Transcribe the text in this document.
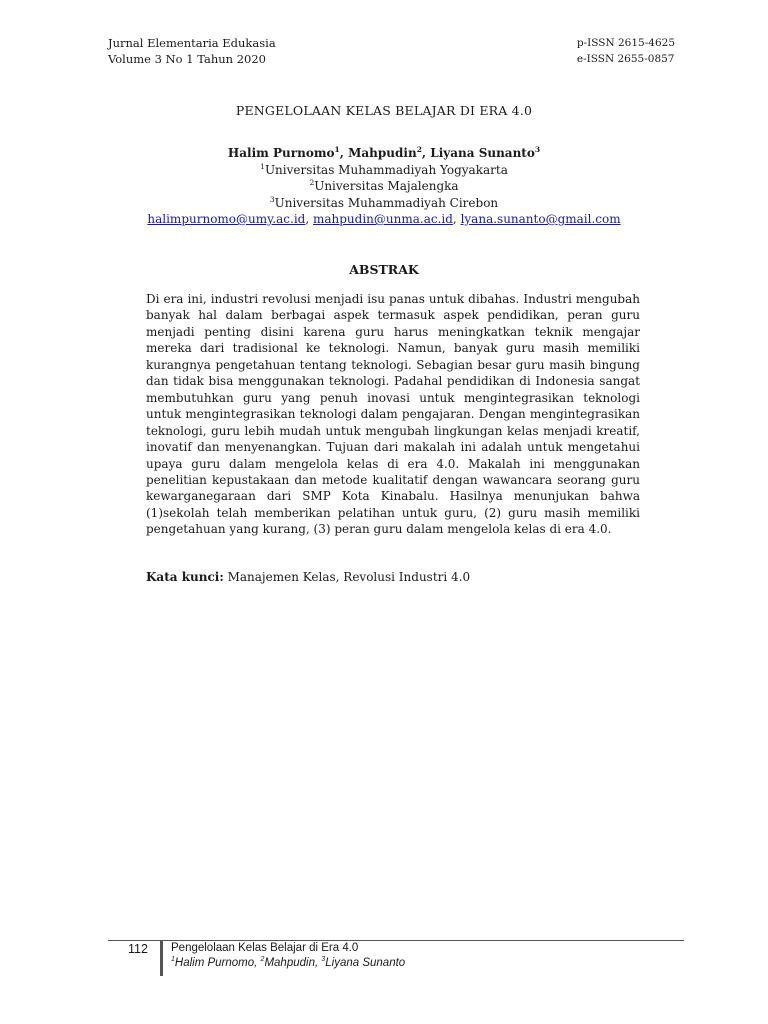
Jurnal Elementaria Edukasia
Volume 3 No 1 Tahun 2020
p-ISSN 2615-4625
e-ISSN 2655-0857
PENGELOLAAN KELAS BELAJAR DI ERA 4.0
Halim Purnomo$^1$, Mahpudin$^2$, Liyana Sunanto$^3$
$^1$Universitas Muhammadiyah Yogyakarta
$^2$Universitas Majalengka
$^3$Universitas Muhammadiyah Cirebon
halimpurnomo@umy.ac.id, mahpudin@unma.ac.id, lyana.sunanto@gmail.com
ABSTRAK

Di era ini, industri revolusi menjadi isu panas untuk dibahas. Industri mengubah banyak hal dalam berbagai aspek termasuk aspek pendidikan, peran guru menjadi penting disini karena guru harus meningkatkan teknik mengajar mereka dari tradisional ke teknologi. Namun, banyak guru masih memiliki kurangnya pengetahuan tentang teknologi. Sebagian besar guru masih bingung dan tidak bisa menggunakan teknologi. Padahal pendidikan di Indonesia sangat membutuhkan guru yang penuh inovasi untuk mengintegrasikan teknologi untuk mengintegrasikan teknologi dalam pengajaran. Dengan mengintegrasikan teknologi, guru lebih mudah untuk mengubah lingkungan kelas menjadi kreatif, inovatif dan menyenangkan. Tujuan dari makalah ini adalah untuk mengetahui upaya guru dalam mengelola kelas di era 4.0. Makalah ini menggunakan penelitian kepustakaan dan metode kualitatif dengan wawancara seorang guru kewarganegaraan dari SMP Kota Kinabalu. Hasilnya menunjukan bahwa (1)sekolah telah memberikan pelatihan untuk guru, (2) guru masih memiliki pengetahuan yang kurang, (3) peran guru dalam mengelola kelas di era 4.0.

Kata kunci: Manajemen Kelas, Revolusi Industri 4.0

112 Pengelolaan Kelas Belajar di Era 4.0
$^1$Halim Purnomo, $^2$Mahpudin, $^3$Liyana Sunanto
